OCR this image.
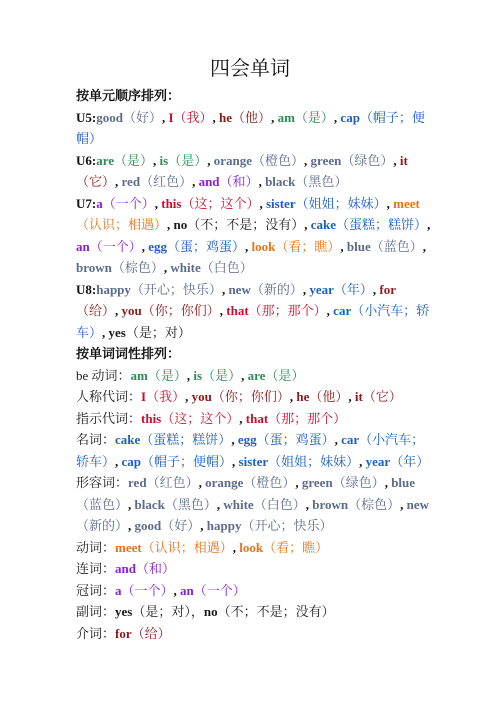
四会单词
按单元顺序排列：
U5:good（好）, I（我）, he（他）, am（是）, cap（帽子；便帽）
U6:are（是）, is（是）, orange（橙色）, green（绿色）, it（它）, red（红色）, and（和）, black（黑色）
U7:a（一个）, this（这；这个）, sister（姐姐；妹妹）, meet（认识；相遇）, no（不；不是；没有）, cake（蛋糕；糕饼）, an（一个）, egg（蛋；鸡蛋）, look（看；瞧）, blue（蓝色）, brown（棕色）, white（白色）
U8:happy（开心；快乐）, new（新的）, year（年）, for（给）, you（你；你们）, that（那；那个）, car（小汽车；轿车）, yes（是；对）
按单词词性排列：
be 动词：am（是）, is（是）, are（是）
人称代词：I（我）, you（你；你们）, he（他）, it（它）
指示代词：this（这；这个）, that（那；那个）
名词：cake（蛋糕；糕饼）, egg（蛋；鸡蛋）, car（小汽车；轿车）, cap（帽子；便帽）, sister（姐姐；妹妹）, year（年）
形容词：red（红色）, orange（橙色）, green（绿色）, blue（蓝色）, black（黑色）, white（白色）, brown（棕色）, new（新的）, good（好）, happy（开心；快乐）
动词：meet（认识；相遇）, look（看；瞧）
连词：and（和）
冠词：a（一个）, an（一个）
副词：yes（是；对），no（不；不是；没有）
介词：for（给）
